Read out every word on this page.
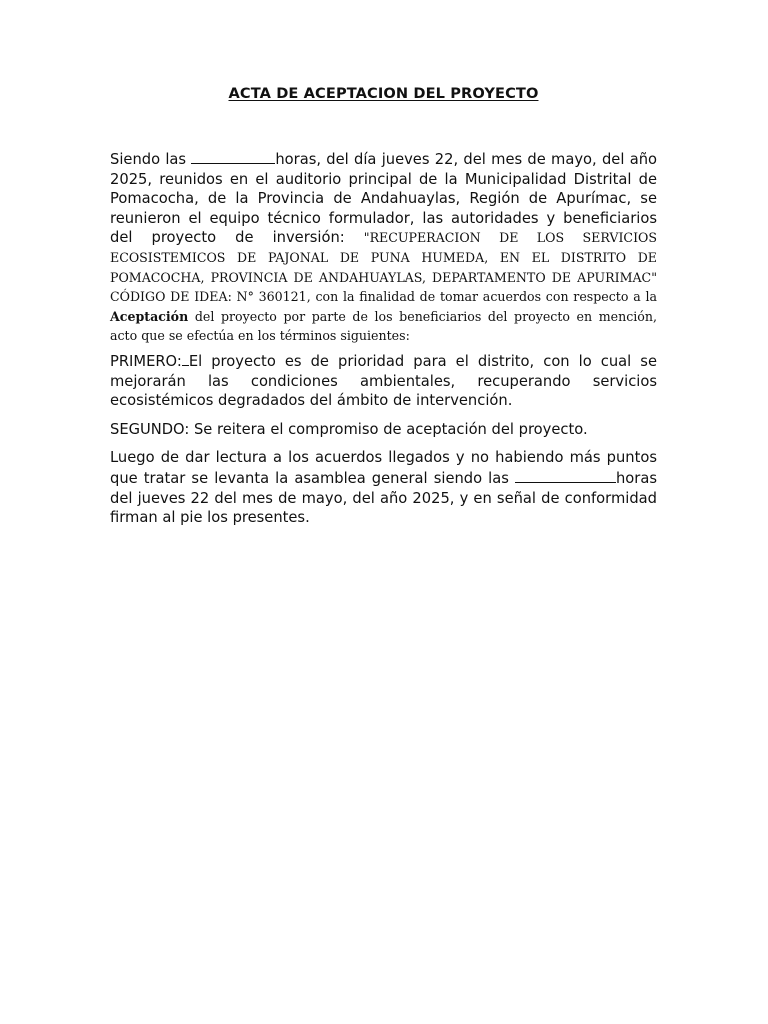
ACTA DE ACEPTACION DEL PROYECTO

Siendo las	horas, del día jueves 22, del mes de mayo, del año 2025, reunidos en el auditorio principal de la Municipalidad Distrital de Pomacocha, de la Provincia de Andahuaylas, Región de Apurímac, se reunieron el equipo técnico formulador, las autoridades y beneficiarios del proyecto de inversión: "RECUPERACION DE LOS SERVICIOS ECOSISTEMICOS DE PAJONAL DE PUNA HUMEDA, EN EL DISTRITO DE POMACOCHA, PROVINCIA DE ANDAHUAYLAS, DEPARTAMENTO DE APURIMAC" CÓDIGO DE IDEA: N° 360121, con la finalidad de tomar acuerdos con respecto a la Aceptación del proyecto por parte de los beneficiarios del proyecto en mención, acto que se efectúa en los términos siguientes:

PRIMERO: El proyecto es de prioridad para el distrito, con lo cual se mejorarán las condiciones ambientales, recuperando servicios ecosistémicos degradados del ámbito de intervención.

SEGUNDO: Se reitera el compromiso de aceptación del proyecto.

Luego de dar lectura a los acuerdos llegados y no habiendo más puntos que tratar se levanta la asamblea general siendo las	horas del jueves 22 del mes de mayo, del año 2025, y en señal de conformidad firman al pie los presentes.
